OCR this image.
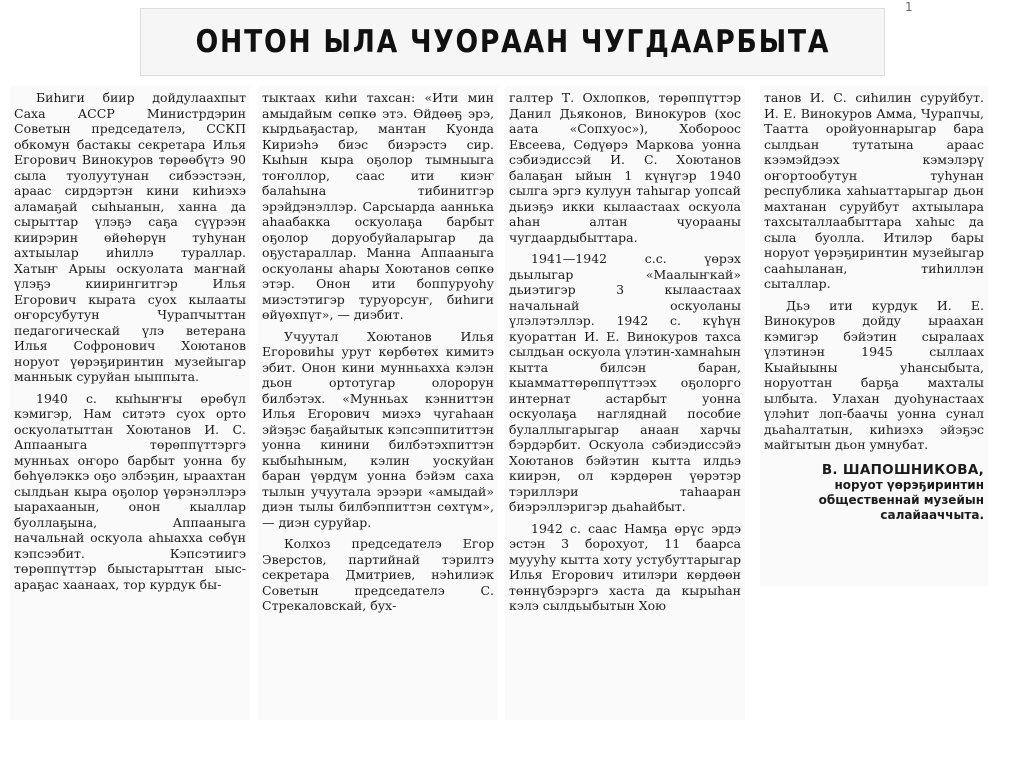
1
ОНТОН ЫЛА ЧУОРААН ЧУГДААРБЫТА

Биһиги биир дойдулаахпыт Саха АССР Министрдэрин Советын председателэ, ССКП обкомун бастакы секретара Илья Егорович Винокуров төрөөбүтэ 90 сыла туолуутунан сибээстээн, араас сирдэртэн кини киһиэхэ аламаҕай сыһыанын, ханна да сырыттар үлэҕэ саҕа сүүрээн киирэрин өйөһөрүн туһунан ахтыылар иһиллэ тураллар. Хатыҥ Арыы оскуолата маҥнай үлэҕэ киирингитгэр Илья Егорович кырата суох кылааты оҥорсубутун Чурапчыттан педагогическай үлэ ветерана Илья Софронович Хоютанов норуот үөрэҕиринтин музейыгар манньык суруйан ыыппыта.

1940 с. кыһыҥҥы өрөбүл кэмигэр, Нам ситэтэ суох орто оскуолатыттан Хоютанов И. С. Аппааныга төрөппүттэргэ мунньах оҥоро барбыт уонна бу бөһүөлэккэ оҕо элбэҕин, ыраахтан сылдьан кыра оҕолор үөрэнэллэрэ ыарахаанын, онон кыаллар буоллаҕына, Аппааныга начальнай оскуола аһыахха сөбүн кэпсээбит. Кэпсэтиигэ төрөппүттэр быыстарыттан ыыс-араҕас хаанаах, тор курдук бы-

тыктаах киһи тахсан: «Ити мин амыдайым сөпкө этэ. Өйдөөҕ эрэ, кырдьаҕастар, мантан Куонда Кириэһэ биэс биэрэстэ сир. Кыһын кыра оҕолор тымныыга тоҥоллор, саас ити киэҥ балаһына тибинитгэр эрэйдэнэллэр. Сарсыарда ааннька аһаабакка оскуолаҕа барбыт оҕолор доруобуйаларыгар да оҕустараллар. Манна Аппааныга оскуоланы аһары Хоютанов сөпкө этэр. Онон ити боппуруоһу миэстэтигэр туруорсуҥ, биһиги өйүөхпүт», — диэбит.

Учуутал Хоютанов Илья Егоровиһы урут көрбөтөх кимитэ эбит. Онон кини мунньахха кэлэн дьон ортотугар олорорун билбэтэх. «Мунньах кэнниттэн Илья Егорович миэхэ чугаһаан эйэҕэс баҕайытык кэпсэппититтэн уонна кинини билбэтэхпиттэн кыбыһыным, кэлин уоскуйан баран үөрдүм уонна бэйэм саха тылын учуутала эрээри «амыдай» диэн тылы билбэппиттэн сөхтүм», — диэн суруйар.

Колхоз председателэ Егор Эверстов, партийнай тэрилтэ секретара Дмитриев, нэһилиэк Советын председателэ С. Стрекаловскай, бух-

галтер Т. Охлопков, төрөппүттэр Данил Дьяконов, Винокуров (хос аата «Сопхуос»), Хобороос Евсеева, Сөдүөрэ Маркова уонна сэбиэдиссэй И. С. Хоютанов балаҕан ыйын 1 күнүгэр 1940 сылга эргэ кулуун таһыгар уопсай дьиэҕэ икки кылаастаах оскуола аһан алтан чуорааны чугдаардыбыттара.

1941—1942 с.с. үөрэх дьылыгар «Маалыҥкай» дьиэтигэр 3 кылаастаах начальнай оскуоланы үлэлэтэллэр. 1942 с. күһүн куораттан И. Е. Винокуров тахса сылдьан оскуола үлэтин-хамнаһын кытта билсэн баран, кыамматтөрөппүттээх оҕолорго интернат астарбыт уонна оскуолаҕа нагляднай пособие булаллыгарыгар анаан харчы бэрдэрбит. Оскуола сэбиэдиссэйэ Хоютанов бэйэтин кытта илдьэ киирэн, ол кэрдөрөн үөрэтэр тэриллэри таһааран биэрэллэригэр дьаһайбыт.

1942 с. саас Намҕа өрүс эрдэ эстэн 3 борохуот, 11 баарса муууһу кытта хоту устубуттарыгар Илья Егорович итилэри көрдөөн төннүбэрэргэ хаста да кырыһан кэлэ сылдьыбытын Хою

танов И. С. сиһилин суруйбут. И. Е. Винокуров Амма, Чурапчы, Таатта оройуоннарыгар бара сылдьан тутатына араас кээмэйдээх кэмэлэрү оҥортообутун туһунан республика хаһыаттарыгар дьон махтанан суруйбут ахтыылара тахсыталлаабыттара хаһыс да сыла буолла. Итилэр бары норуот үөрэҕиринтин музейыгар сааһыланан, тиһиллэн сыталлар.

Дьэ ити курдук И. Е. Винокуров дойду ыраахан кэмигэр бэйэтин сыралаах үлэтинэн 1945 сыллаах Кыайыыны уһансыбыта, норуоттан барҕа махталы ылбыта. Улахан дуоһунастаах үлэһит лоп-баачы уонна сунал дьаһалтатын, киһиэхэ эйэҕэс майгытын дьон умнубат.

В. ШАПОШНИКОВА,
норуот үөрэҕиринтин
общественнай музейын
салайааччыта.
